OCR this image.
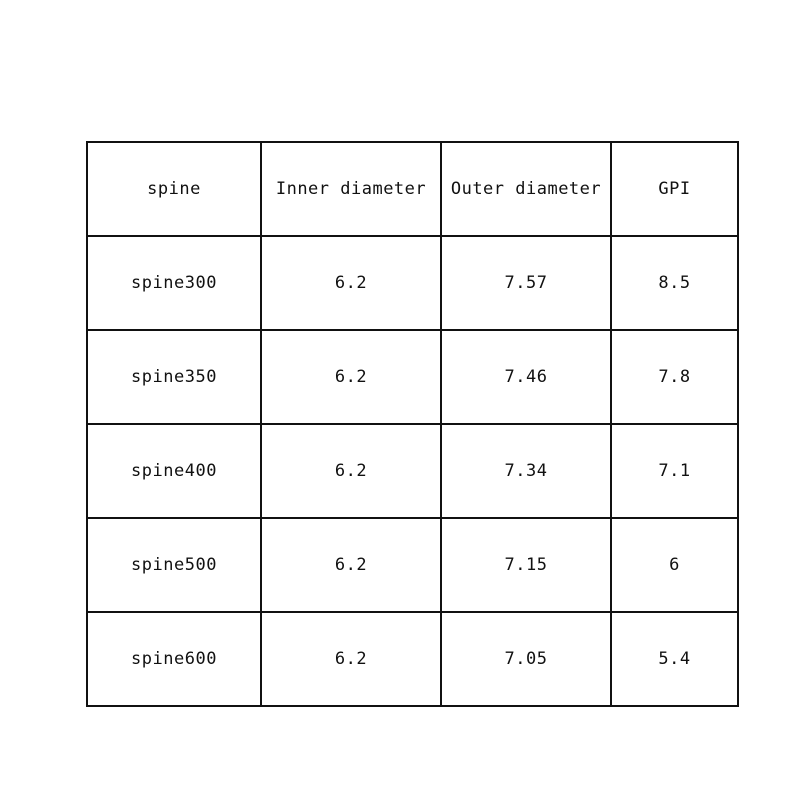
spine	Inner diameter	Outer diameter	GPI
spine300	6.2	7.57	8.5
spine350	6.2	7.46	7.8
spine400	6.2	7.34	7.1
spine500	6.2	7.15	6
spine600	6.2	7.05	5.4
